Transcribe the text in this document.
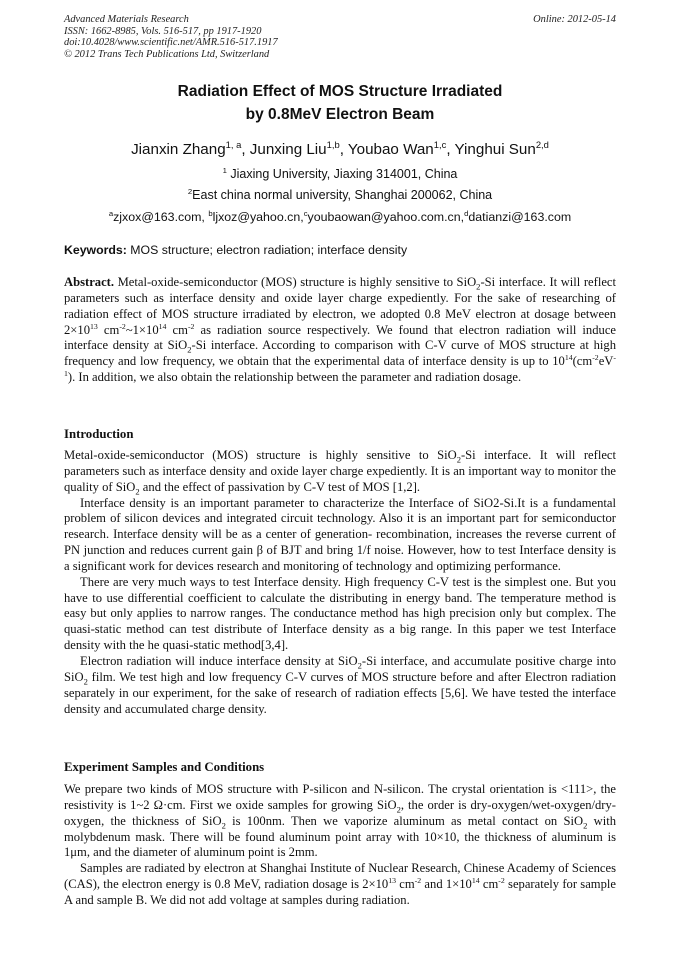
Advanced Materials Research
ISSN: 1662-8985, Vols. 516-517, pp 1917-1920
doi:10.4028/www.scientific.net/AMR.516-517.1917
© 2012 Trans Tech Publications Ltd, Switzerland
Online: 2012-05-14
Radiation Effect of MOS Structure Irradiated
by 0.8MeV Electron Beam
Jianxin Zhang$^{1, a}$, Junxing Liu$^{1,b}$, Youbao Wan$^{1,c}$, Yinghui Sun$^{2,d}$
$^1$ Jiaxing University, Jiaxing 314001, China
$^2$East china normal university, Shanghai 200062, China
$^a$zjxox@163.com, $^b$ljxoz@yahoo.cn,$^c$youbaowan@yahoo.com.cn,$^d$datianzi@163.com
Keywords: MOS structure; electron radiation; interface density
Abstract. Metal-oxide-semiconductor (MOS) structure is highly sensitive to SiO$_2$-Si interface. It will reflect parameters such as interface density and oxide layer charge expediently. For the sake of researching of radiation effect of MOS structure irradiated by electron, we adopted 0.8 MeV electron at dosage between $2\times 10^{13}$ $cm^{-2}\sim 1\times 10^{14}$ $cm^{-2}$ as radiation source respectively. We found that electron radiation will induce interface density at SiO$_2$-Si interface. According to comparison with C-V curve of MOS structure at high frequency and low frequency, we obtain that the experimental data of interface density is up to $10^{14}(cm^{-2}eV^{-1})$. In addition, we also obtain the relationship between the parameter and radiation dosage.
Introduction

Metal-oxide-semiconductor (MOS) structure is highly sensitive to SiO$_2$-Si interface. It will reflect parameters such as interface density and oxide layer charge expediently. It is an important way to monitor the quality of SiO$_2$ and the effect of passivation by C-V test of MOS [1,2].

Interface density is an important parameter to characterize the Interface of SiO2-Si.It is a fundamental problem of silicon devices and integrated circuit technology. Also it is an important part for semiconductor research. Interface density will be as a center of generation- recombination, increases the reverse current of PN junction and reduces current gain β of BJT and bring 1/f noise. However, how to test Interface density is a significant work for devices research and monitoring of technology and optimizing performance.

There are very much ways to test Interface density. High frequency C-V test is the simplest one. But you have to use differential coefficient to calculate the distributing in energy band. The temperature method is easy but only applies to narrow ranges. The conductance method has high precision only but complex. The quasi-static method can test distribute of Interface density as a big range. In this paper we test Interface density with the he quasi-static method[3,4].

Electron radiation will induce interface density at SiO$_2$-Si interface, and accumulate positive charge into SiO$_2$ film. We test high and low frequency C-V curves of MOS structure before and after Electron radiation separately in our experiment, for the sake of research of radiation effects [5,6]. We have tested the interface density and accumulated charge density.

Experiment Samples and Conditions

We prepare two kinds of MOS structure with P-silicon and N-silicon. The crystal orientation is <111>, the resistivity is 1~2 Ω·cm. First we oxide samples for growing SiO$_2$, the order is dry-oxygen/wet-oxygen/dry-oxygen, the thickness of SiO$_2$ is 100nm. Then we vaporize aluminum as metal contact on SiO$_2$ with molybdenum mask. There will be found aluminum point array with 10×10, the thickness of aluminum is 1μm, and the diameter of aluminum point is 2mm.

Samples are radiated by electron at Shanghai Institute of Nuclear Research, Chinese Academy of Sciences (CAS), the electron energy is 0.8 MeV, radiation dosage is $2\times 10^{13}$ $cm^{-2}$ and $1\times 10^{14}$ $cm^{-2}$ separately for sample A and sample B. We did not add voltage at samples during radiation.
